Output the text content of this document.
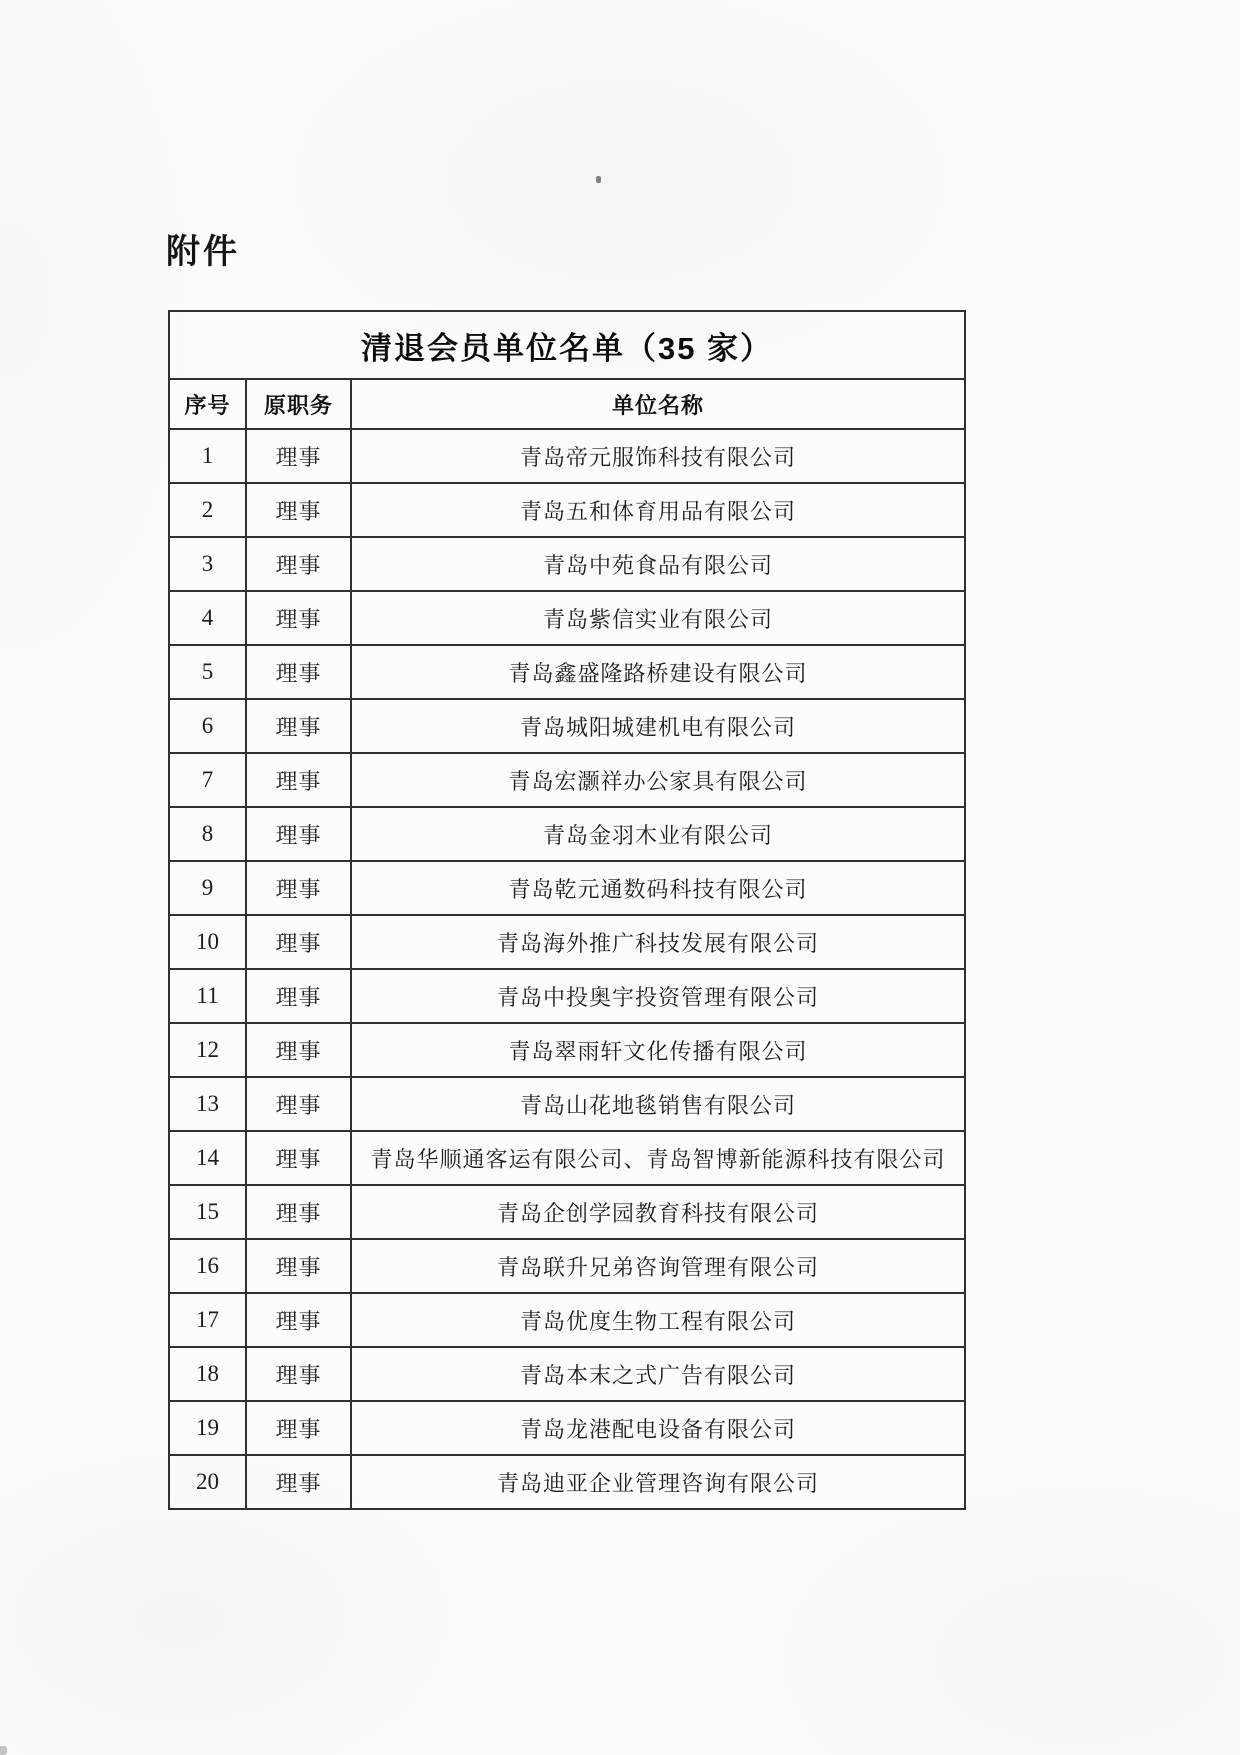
附件
清退会员单位名单（35 家）		
序号	原职务	单位名称
1	理事	青岛帝元服饰科技有限公司
2	理事	青岛五和体育用品有限公司
3	理事	青岛中苑食品有限公司
4	理事	青岛紫信实业有限公司
5	理事	青岛鑫盛隆路桥建设有限公司
6	理事	青岛城阳城建机电有限公司
7	理事	青岛宏灏祥办公家具有限公司
8	理事	青岛金羽木业有限公司
9	理事	青岛乾元通数码科技有限公司
10	理事	青岛海外推广科技发展有限公司
11	理事	青岛中投奥宇投资管理有限公司
12	理事	青岛翠雨轩文化传播有限公司
13	理事	青岛山花地毯销售有限公司
14	理事	青岛华顺通客运有限公司、青岛智博新能源科技有限公司
15	理事	青岛企创学园教育科技有限公司
16	理事	青岛联升兄弟咨询管理有限公司
17	理事	青岛优度生物工程有限公司
18	理事	青岛本末之式广告有限公司
19	理事	青岛龙港配电设备有限公司
20	理事	青岛迪亚企业管理咨询有限公司
